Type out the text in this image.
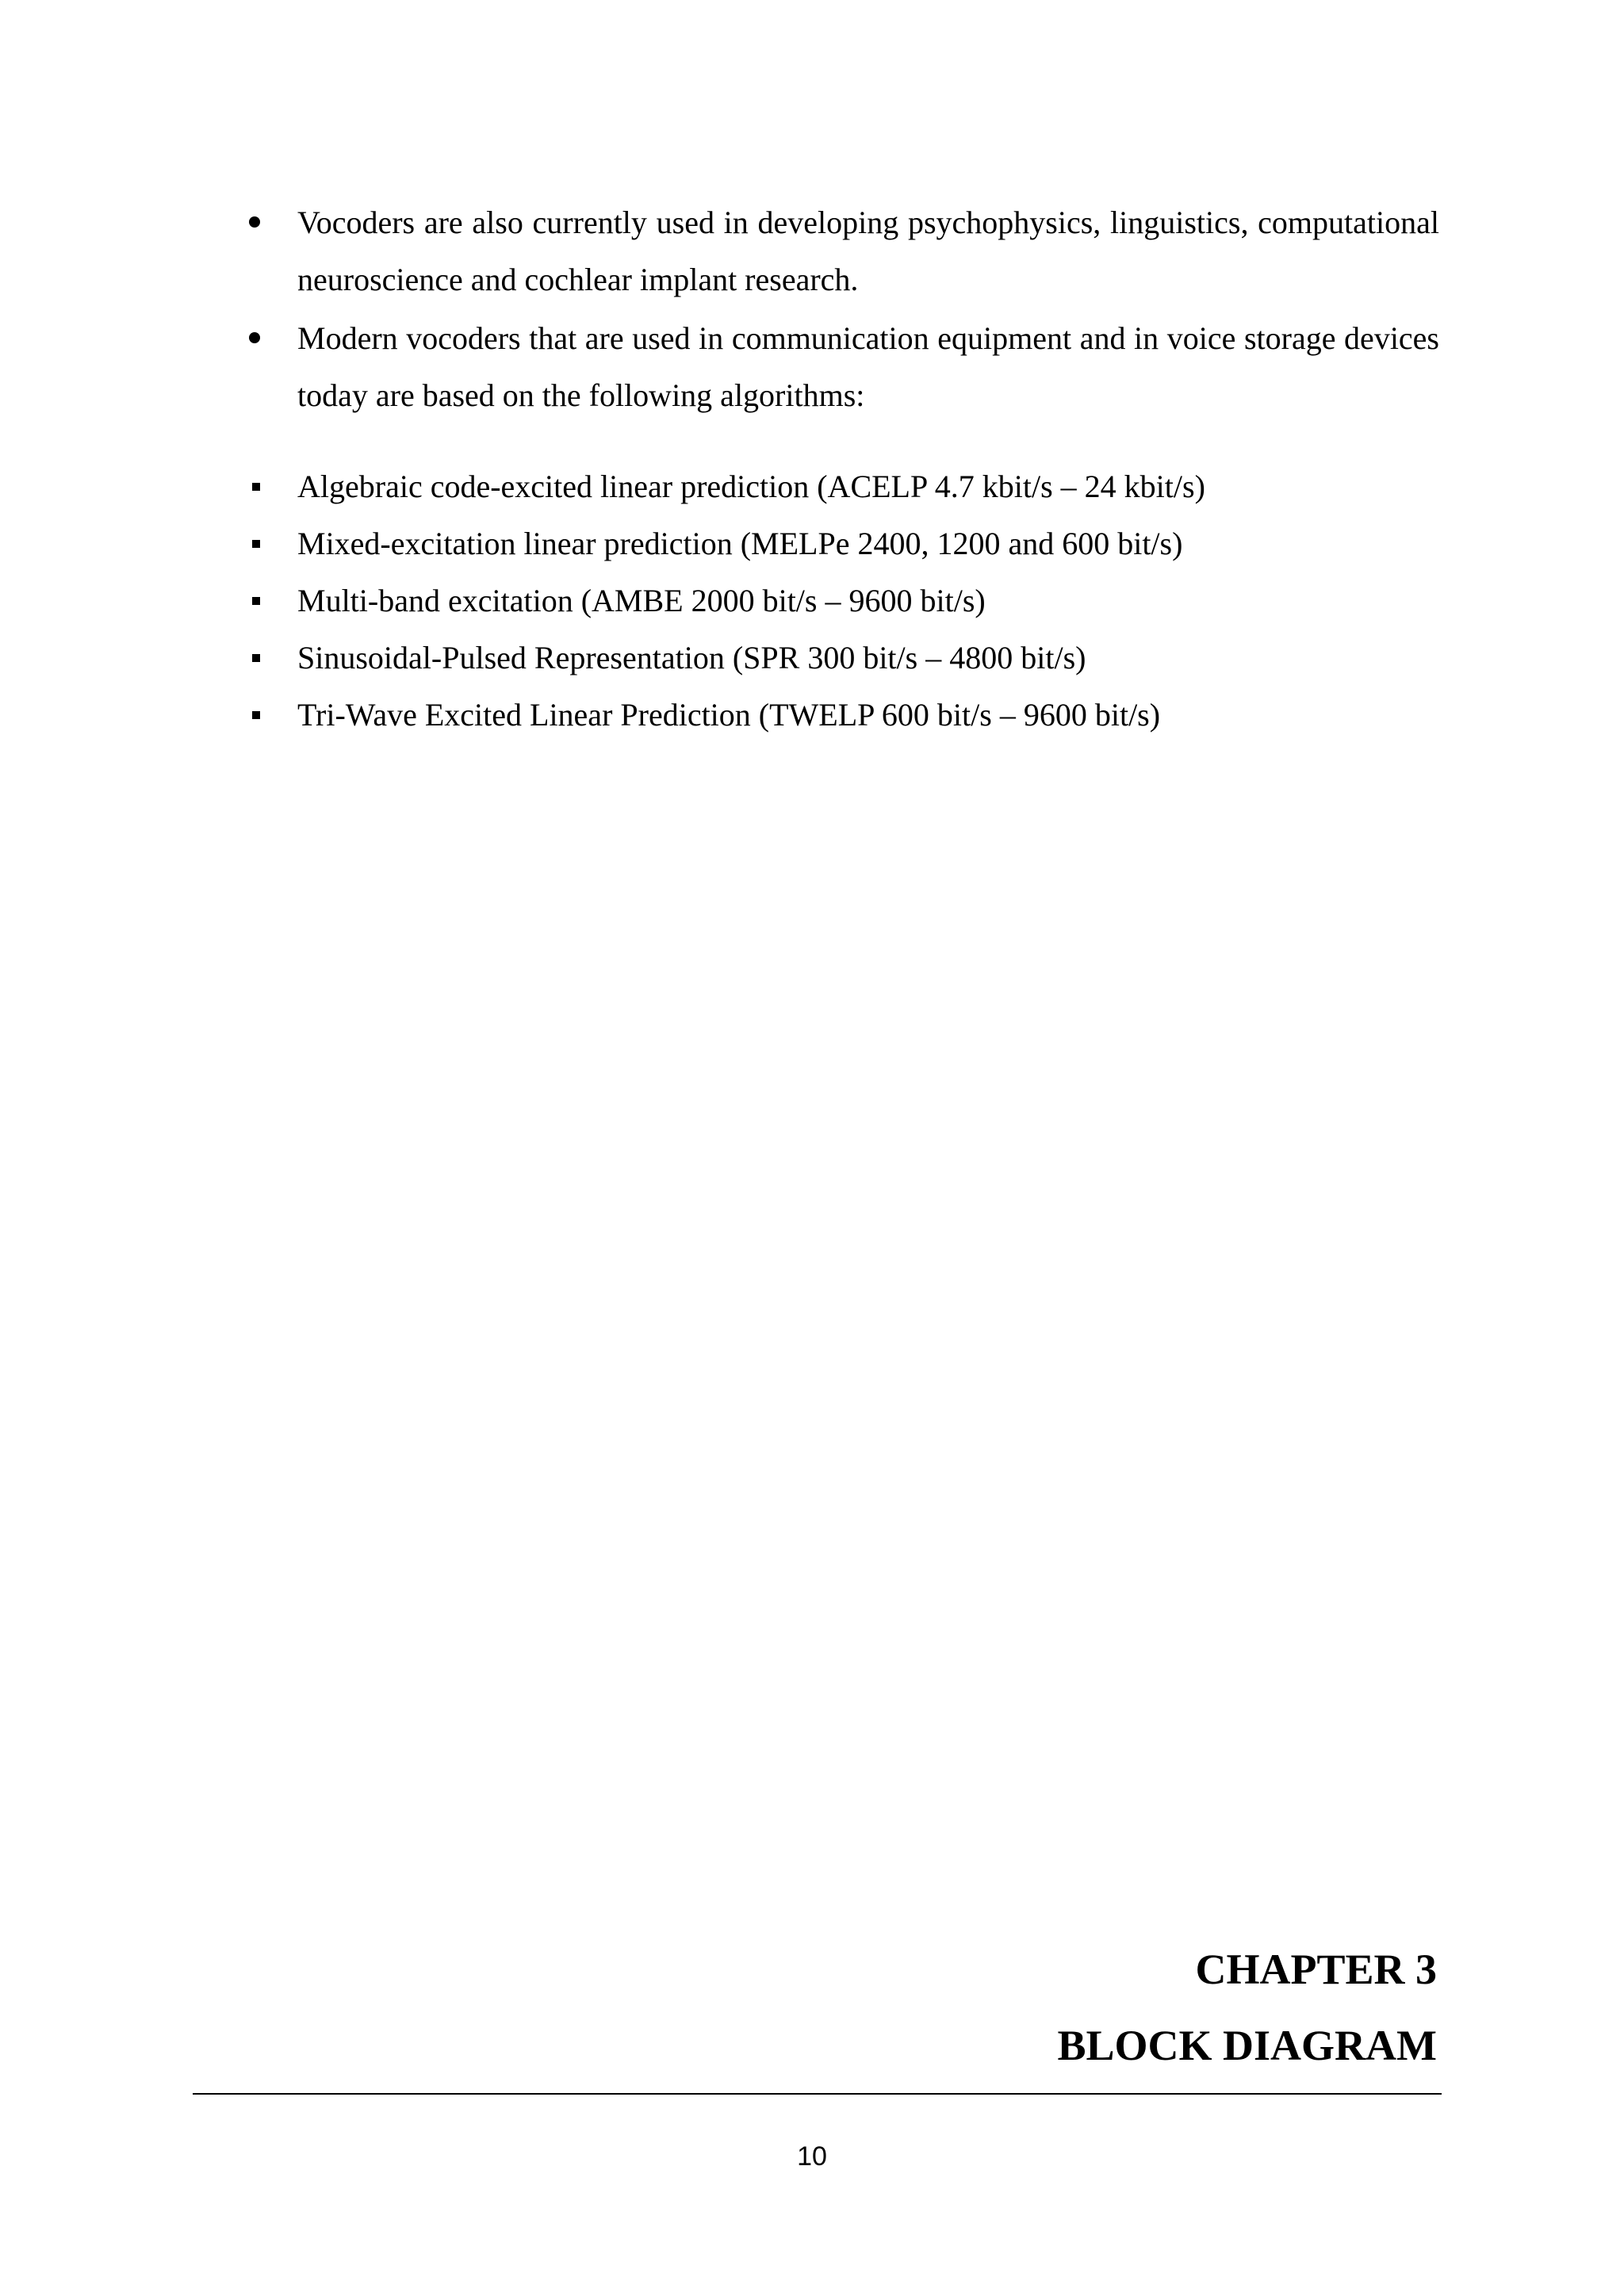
Vocoders are also currently used in developing psychophysics, linguistics, computational neuroscience and cochlear implant research.
Modern vocoders that are used in communication equipment and in voice storage devices today are based on the following algorithms:
Algebraic code-excited linear prediction (ACELP 4.7 kbit/s – 24 kbit/s)
Mixed-excitation linear prediction (MELPe 2400, 1200 and 600 bit/s)
Multi-band excitation (AMBE 2000 bit/s – 9600 bit/s)
Sinusoidal-Pulsed Representation (SPR 300 bit/s – 4800 bit/s)
Tri-Wave Excited Linear Prediction (TWELP 600 bit/s – 9600 bit/s)
CHAPTER 3
BLOCK DIAGRAM
10
